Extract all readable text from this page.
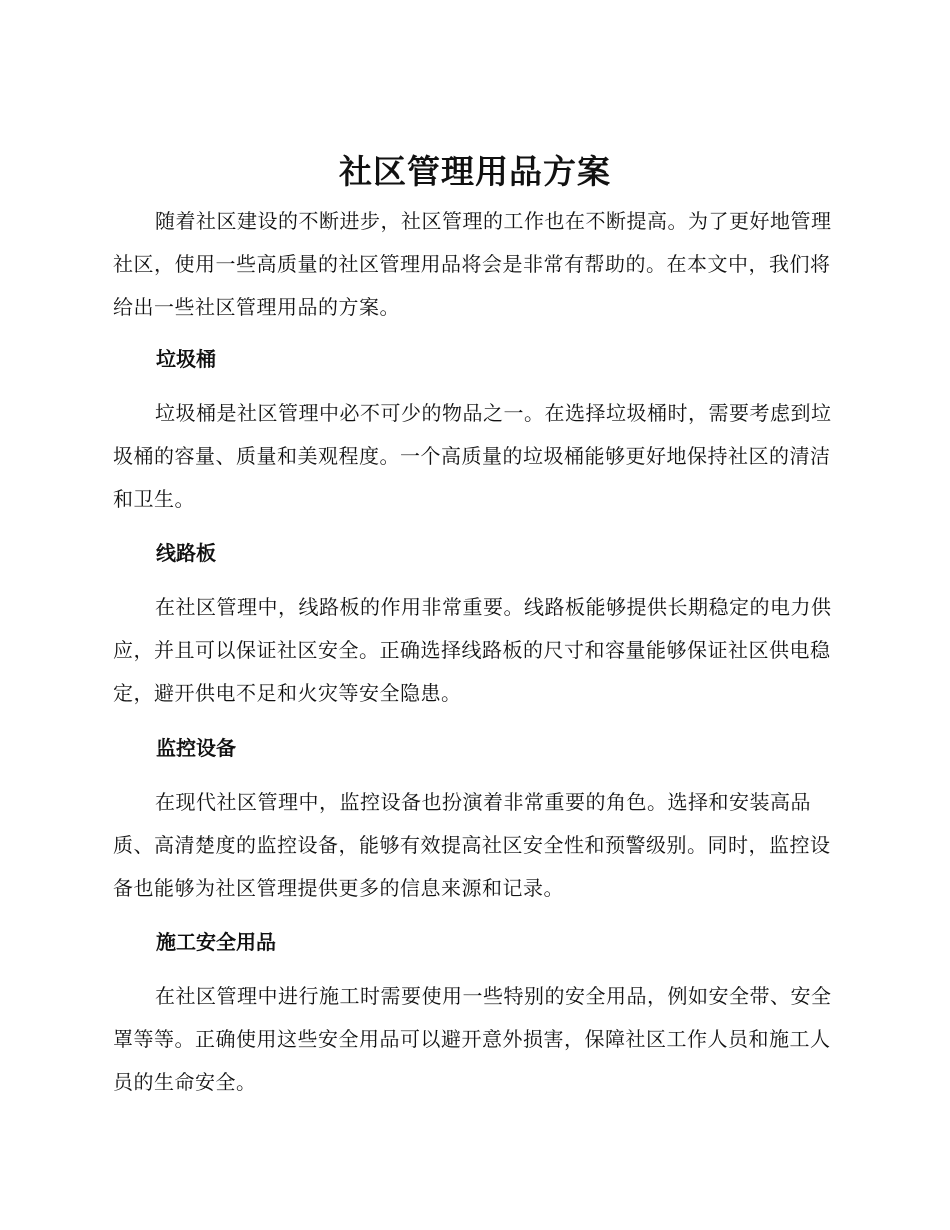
社区管理用品方案

随着社区建设的不断进步，社区管理的工作也在不断提高。为了更好地管理社区，使用一些高质量的社区管理用品将会是非常有帮助的。在本文中，我们将给出一些社区管理用品的方案。

垃圾桶

垃圾桶是社区管理中必不可少的物品之一。在选择垃圾桶时，需要考虑到垃圾桶的容量、质量和美观程度。一个高质量的垃圾桶能够更好地保持社区的清洁和卫生。

线路板

在社区管理中，线路板的作用非常重要。线路板能够提供长期稳定的电力供应，并且可以保证社区安全。正确选择线路板的尺寸和容量能够保证社区供电稳定，避开供电不足和火灾等安全隐患。

监控设备

在现代社区管理中，监控设备也扮演着非常重要的角色。选择和安装高品质、高清楚度的监控设备，能够有效提高社区安全性和预警级别。同时，监控设备也能够为社区管理提供更多的信息来源和记录。

施工安全用品

在社区管理中进行施工时需要使用一些特别的安全用品，例如安全带、安全罩等等。正确使用这些安全用品可以避开意外损害，保障社区工作人员和施工人员的生命安全。
